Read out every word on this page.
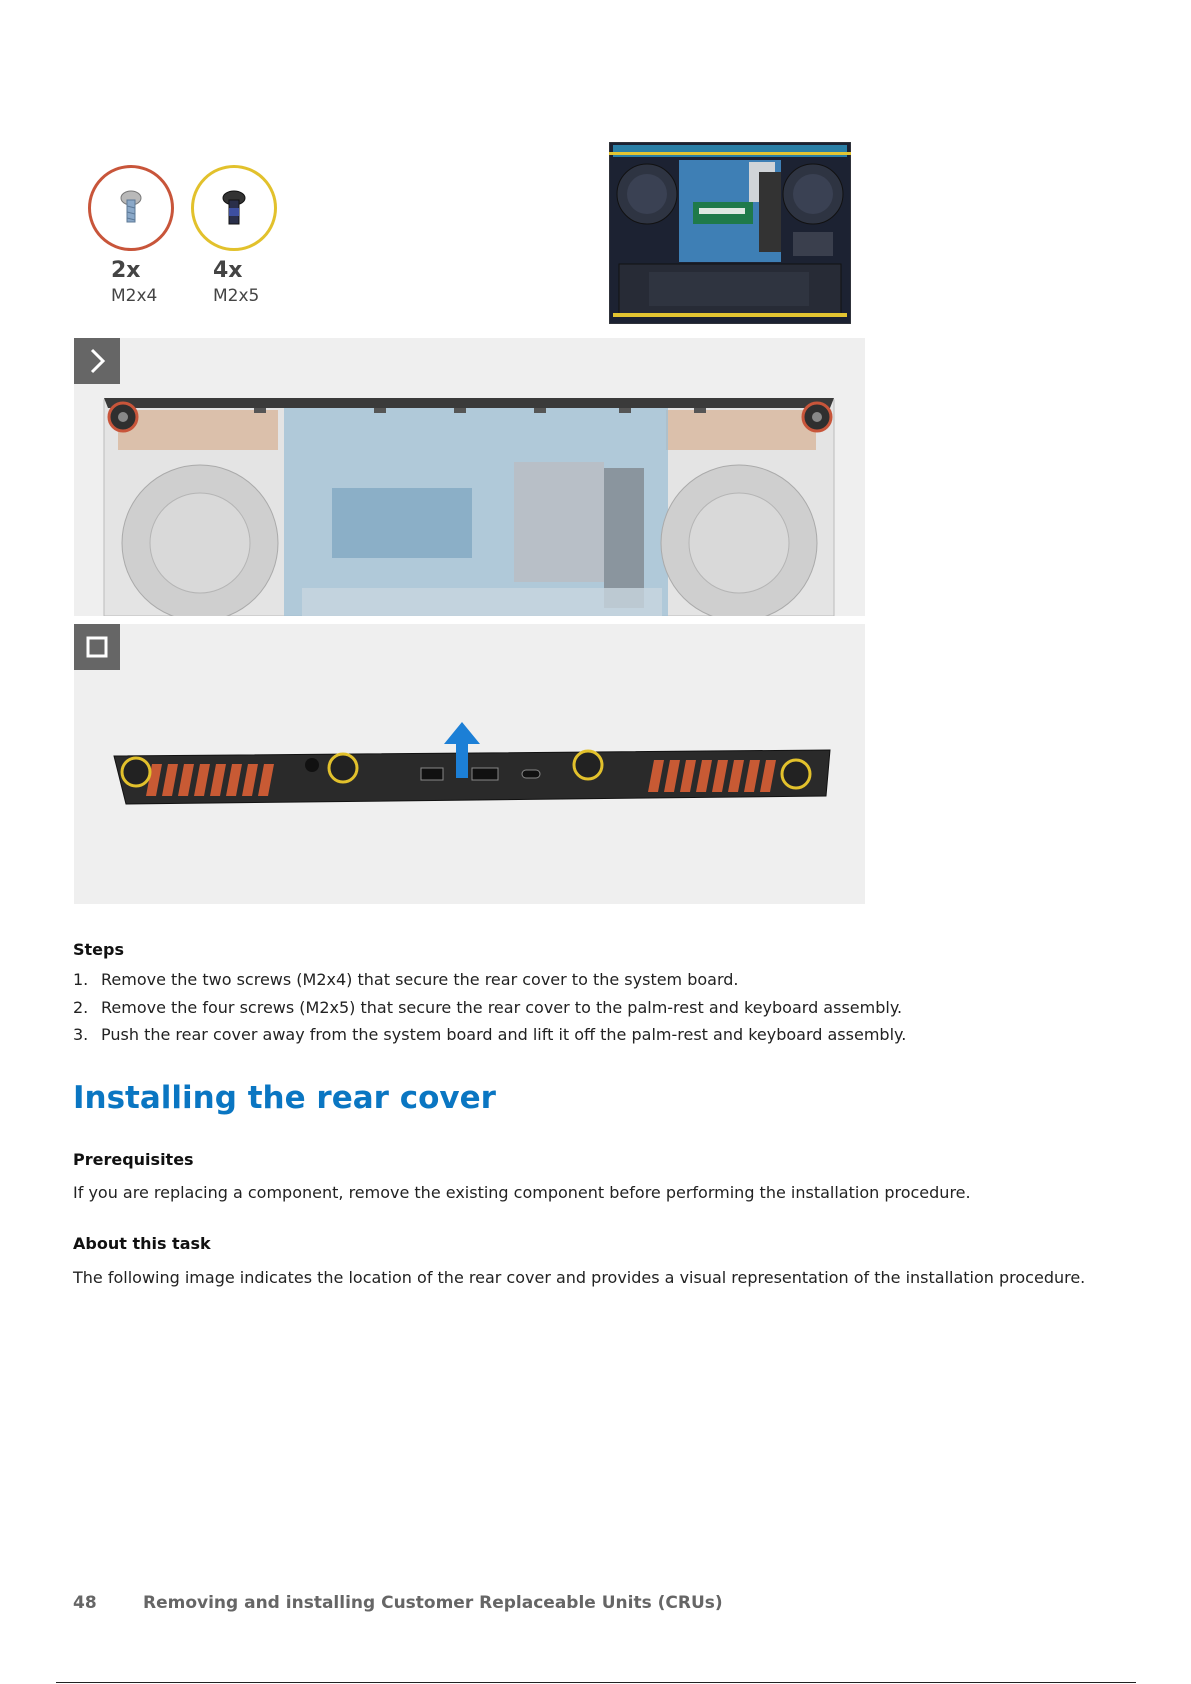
2x
M2x4
4x
M2x5
Steps
1. Remove the two screws (M2x4) that secure the rear cover to the system board.
2. Remove the four screws (M2x5) that secure the rear cover to the palm-rest and keyboard assembly.
3. Push the rear cover away from the system board and lift it off the palm-rest and keyboard assembly.
Installing the rear cover
Prerequisites

If you are replacing a component, remove the existing component before performing the installation procedure.

About this task

The following image indicates the location of the rear cover and provides a visual representation of the installation procedure.

48	Removing and installing Customer Replaceable Units (CRUs)
